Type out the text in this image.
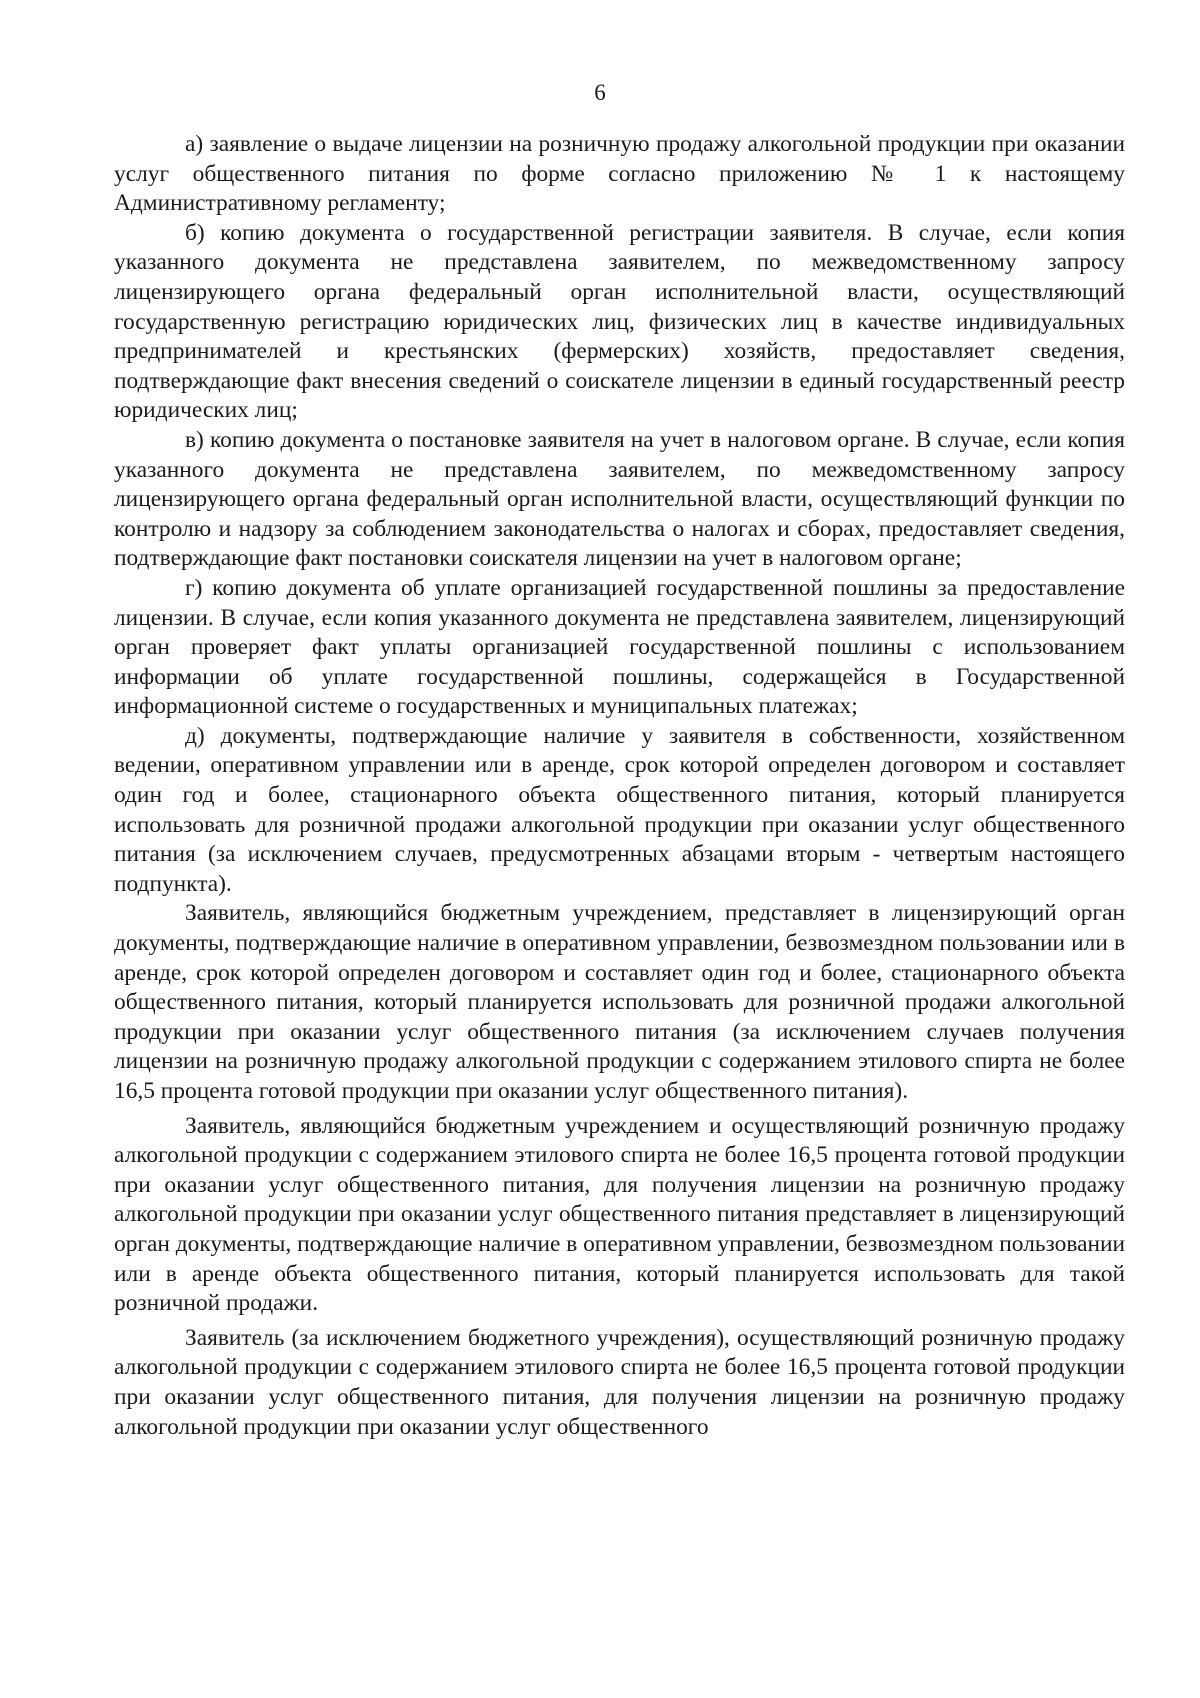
6

а) заявление о выдаче лицензии на розничную продажу алкогольной продукции при оказании услуг общественного питания по форме согласно приложению № 1 к настоящему Административному регламенту;

б) копию документа о государственной регистрации заявителя. В случае, если копия указанного документа не представлена заявителем, по межведомственному запросу лицензирующего органа федеральный орган исполнительной власти, осуществляющий государственную регистрацию юридических лиц, физических лиц в качестве индивидуальных предпринимателей и крестьянских (фермерских) хозяйств, предоставляет сведения, подтверждающие факт внесения сведений о соискателе лицензии в единый государственный реестр юридических лиц;

в) копию документа о постановке заявителя на учет в налоговом органе. В случае, если копия указанного документа не представлена заявителем, по межведомственному запросу лицензирующего органа федеральный орган исполнительной власти, осуществляющий функции по контролю и надзору за соблюдением законодательства о налогах и сборах, предоставляет сведения, подтверждающие факт постановки соискателя лицензии на учет в налоговом органе;

г) копию документа об уплате организацией государственной пошлины за предоставление лицензии. В случае, если копия указанного документа не представлена заявителем, лицензирующий орган проверяет факт уплаты организацией государственной пошлины с использованием информации об уплате государственной пошлины, содержащейся в Государственной информационной системе о государственных и муниципальных платежах;

д) документы, подтверждающие наличие у заявителя в собственности, хозяйственном ведении, оперативном управлении или в аренде, срок которой определен договором и составляет один год и более, стационарного объекта общественного питания, который планируется использовать для розничной продажи алкогольной продукции при оказании услуг общественного питания (за исключением случаев, предусмотренных абзацами вторым - четвертым настоящего подпункта).

Заявитель, являющийся бюджетным учреждением, представляет в лицензирующий орган документы, подтверждающие наличие в оперативном управлении, безвозмездном пользовании или в аренде, срок которой определен договором и составляет один год и более, стационарного объекта общественного питания, который планируется использовать для розничной продажи алкогольной продукции при оказании услуг общественного питания (за исключением случаев получения лицензии на розничную продажу алкогольной продукции с содержанием этилового спирта не более 16,5 процента готовой продукции при оказании услуг общественного питания).

Заявитель, являющийся бюджетным учреждением и осуществляющий розничную продажу алкогольной продукции с содержанием этилового спирта не более 16,5 процента готовой продукции при оказании услуг общественного питания, для получения лицензии на розничную продажу алкогольной продукции при оказании услуг общественного питания представляет в лицензирующий орган документы, подтверждающие наличие в оперативном управлении, безвозмездном пользовании или в аренде объекта общественного питания, который планируется использовать для такой розничной продажи.

Заявитель (за исключением бюджетного учреждения), осуществляющий розничную продажу алкогольной продукции с содержанием этилового спирта не более 16,5 процента готовой продукции при оказании услуг общественного питания, для получения лицензии на розничную продажу алкогольной продукции при оказании услуг общественного
